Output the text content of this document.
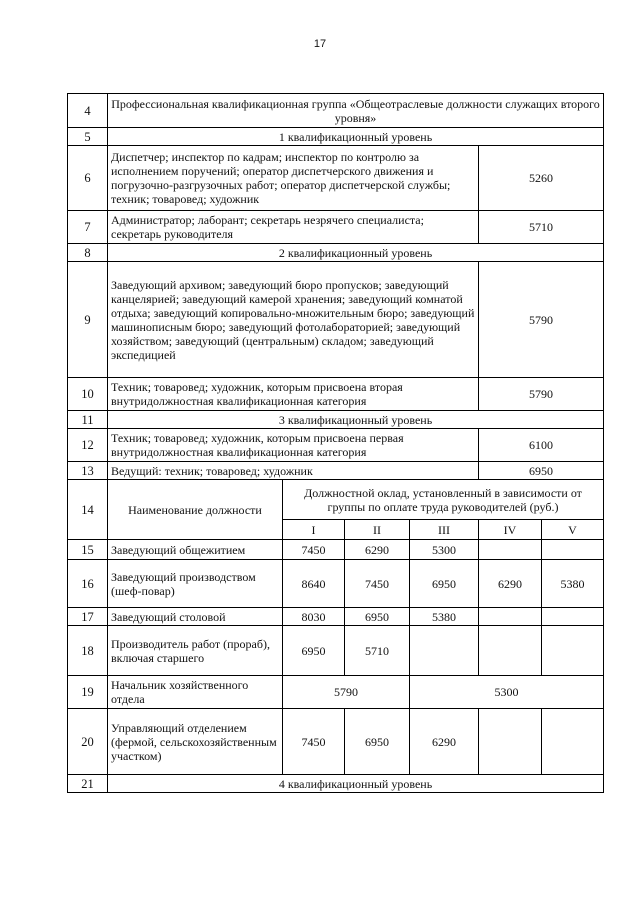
17
4	Профессиональная квалификационная группа «Общеотраслевые должности служащих второго уровня»					
5	1 квалификационный уровень					
6	Диспетчер; инспектор по кадрам; инспектор по контролю за исполнением поручений; оператор диспетчерского движения и погрузочно-разгрузочных работ; оператор диспетчерской службы; техник; товаровед; художник				5260	
7	Администратор; лаборант; секретарь незрячего специалиста; секретарь руководителя				5710	
8	2 квалификационный уровень					
9	Заведующий архивом; заведующий бюро пропусков; заведующий канцелярией; заведующий камерой хранения; заведующий комнатой отдыха; заведующий копировально-множительным бюро; заведующий машинописным бюро; заведующий фотолабораторией; заведующий хозяйством; заведующий (центральным) складом; заведующий экспедицией				5790	
10	Техник; товаровед; художник, которым присвоена вторая внутридолжностная квалификационная категория				5790	
11	3 квалификационный уровень					
12	Техник; товаровед; художник, которым присвоена первая внутридолжностная квалификационная категория				6100	
13	Ведущий: техник; товаровед; художник				6950	
14	Наименование должности	Должностной оклад, установленный в зависимости от группы по оплате труда руководителей (руб.)				
		I	II	III	IV	V
15	Заведующий общежитием	7450	6290	5300		
16	Заведующий производством (шеф-повар)	8640	7450	6950	6290	5380
17	Заведующий столовой	8030	6950	5380		
18	Производитель работ (прораб), включая старшего	6950	5710			
19	Начальник хозяйственного отдела	5790		5300		
20	Управляющий отделением (фермой, сельскохозяйственным участком)	7450	6950	6290		
21	4 квалификационный уровень					
